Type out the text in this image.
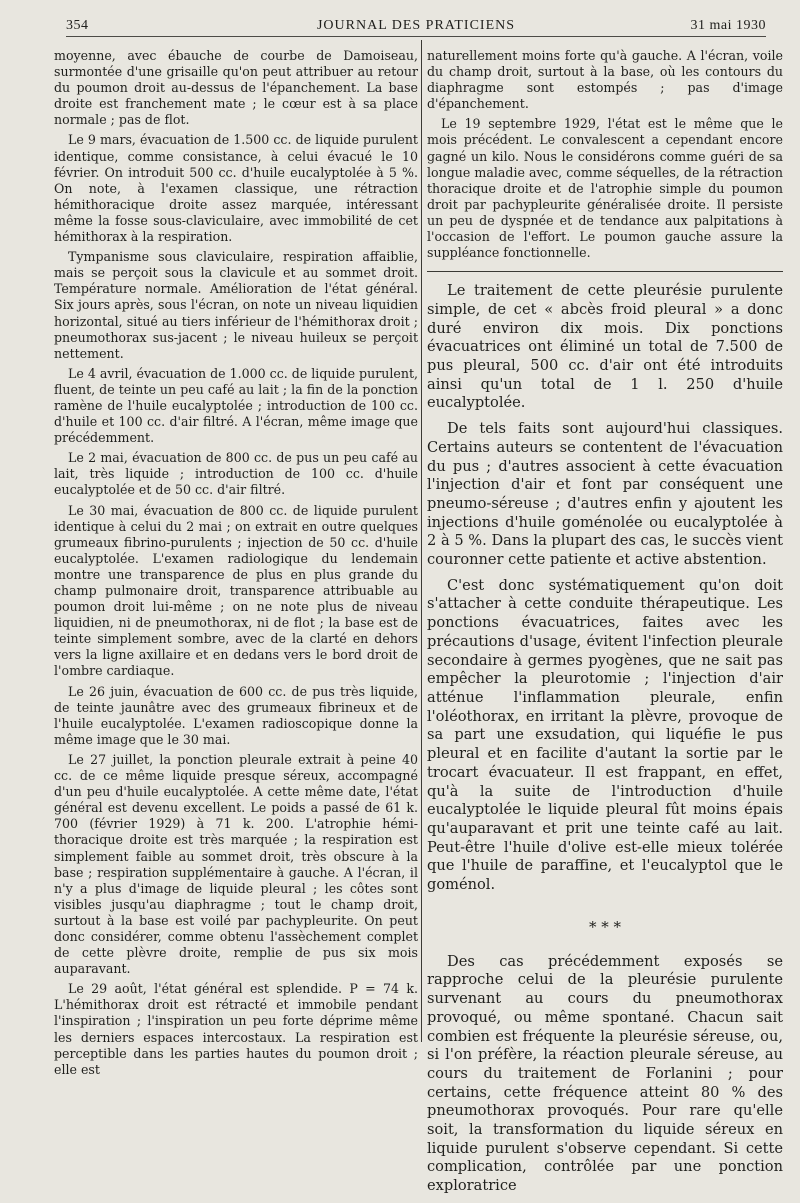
354	JOURNAL DES PRATICIENS	31 mai 1930

moyenne, avec ébauche de courbe de Damoiseau, surmontée d'une grisaille qu'on peut attribuer au retour du poumon droit au-dessus de l'épanchement. La base droite est franchement mate ; le cœur est à sa place normale ; pas de flot.

Le 9 mars, évacuation de 1.500 cc. de liquide purulent identique, comme consistance, à celui évacué le 10 février. On introduit 500 cc. d'huile eucalyptolée à 5 %. On note, à l'examen classique, une rétraction hémithoracique droite assez marquée, intéressant même la fosse sous-claviculaire, avec immobilité de cet hémithorax à la respiration.

Tympanisme sous claviculaire, respiration affaiblie, mais se perçoit sous la clavicule et au sommet droit. Température normale. Amélioration de l'état général. Six jours après, sous l'écran, on note un niveau liquidien horizontal, situé au tiers inférieur de l'hémithorax droit ; pneumothorax sus-jacent ; le niveau huileux se perçoit nettement.

Le 4 avril, évacuation de 1.000 cc. de liquide purulent, fluent, de teinte un peu café au lait ; la fin de la ponction ramène de l'huile eucalyptolée ; introduction de 100 cc. d'huile et 100 cc. d'air filtré. A l'écran, même image que précédemment.

Le 2 mai, évacuation de 800 cc. de pus un peu café au lait, très liquide ; introduction de 100 cc. d'huile eucalyptolée et de 50 cc. d'air filtré.

Le 30 mai, évacuation de 800 cc. de liquide purulent identique à celui du 2 mai ; on extrait en outre quelques grumeaux fibrino-purulents ; injection de 50 cc. d'huile eucalyptolée. L'examen radiologique du lendemain montre une transparence de plus en plus grande du champ pulmonaire droit, transparence attribuable au poumon droit lui-même ; on ne note plus de niveau liquidien, ni de pneumothorax, ni de flot ; la base est de teinte simplement sombre, avec de la clarté en dehors vers la ligne axillaire et en dedans vers le bord droit de l'ombre cardiaque.

Le 26 juin, évacuation de 600 cc. de pus très liquide, de teinte jaunâtre avec des grumeaux fibrineux et de l'huile eucalyptolée. L'examen radioscopique donne la même image que le 30 mai.

Le 27 juillet, la ponction pleurale extrait à peine 40 cc. de ce même liquide presque séreux, accompagné d'un peu d'huile eucalyptolée. A cette même date, l'état général est devenu excellent. Le poids a passé de 61 k. 700 (février 1929) à 71 k. 200. L'atrophie hémi-thoracique droite est très marquée ; la respiration est simplement faible au sommet droit, très obscure à la base ; respiration supplémentaire à gauche. A l'écran, il n'y a plus d'image de liquide pleural ; les côtes sont visibles jusqu'au diaphragme ; tout le champ droit, surtout à la base est voilé par pachypleurite. On peut donc considérer, comme obtenu l'assèchement complet de cette plèvre droite, remplie de pus six mois auparavant.

Le 29 août, l'état général est splendide. P = 74 k. L'hémithorax droit est rétracté et immobile pendant l'inspiration ; l'inspiration un peu forte déprime même les derniers espaces intercostaux. La respiration est perceptible dans les parties hautes du poumon droit ; elle est

naturellement moins forte qu'à gauche. A l'écran, voile du champ droit, surtout à la base, où les contours du diaphragme sont estompés ; pas d'image d'épanchement.

Le 19 septembre 1929, l'état est le même que le mois précédent. Le convalescent a cependant encore gagné un kilo. Nous le considérons comme guéri de sa longue maladie avec, comme séquelles, de la rétraction thoracique droite et de l'atrophie simple du poumon droit par pachypleurite généralisée droite. Il persiste un peu de dyspnée et de tendance aux palpitations à l'occasion de l'effort. Le poumon gauche assure la suppléance fonctionnelle.

Le traitement de cette pleurésie purulente simple, de cet « abcès froid pleural » a donc duré environ dix mois. Dix ponctions évacuatrices ont éliminé un total de 7.500 de pus pleural, 500 cc. d'air ont été introduits ainsi qu'un total de 1 l. 250 d'huile eucalyptolée.

De tels faits sont aujourd'hui classiques. Certains auteurs se contentent de l'évacuation du pus ; d'autres associent à cette évacuation l'injection d'air et font par conséquent une pneumo-séreuse ; d'autres enfin y ajoutent les injections d'huile goménolée ou eucalyptolée à 2 à 5 %. Dans la plupart des cas, le succès vient couronner cette patiente et active abstention.

C'est donc systématiquement qu'on doit s'attacher à cette conduite thérapeutique. Les ponctions évacuatrices, faites avec les précautions d'usage, évitent l'infection pleurale secondaire à germes pyogènes, que ne sait pas empêcher la pleurotomie ; l'injection d'air atténue l'inflammation pleurale, enfin l'oléothorax, en irritant la plèvre, provoque de sa part une exsudation, qui liquéfie le pus pleural et en facilite d'autant la sortie par le trocart évacuateur. Il est frappant, en effet, qu'à la suite de l'introduction d'huile eucalyptolée le liquide pleural fût moins épais qu'auparavant et prit une teinte café au lait. Peut-être l'huile d'olive est-elle mieux tolérée que l'huile de paraffine, et l'eucalyptol que le goménol.

* * *

Des cas précédemment exposés se rapproche celui de la pleurésie purulente survenant au cours du pneumothorax provoqué, ou même spontané. Chacun sait combien est fréquente la pleurésie séreuse, ou, si l'on préfère, la réaction pleurale séreuse, au cours du traitement de Forlanini ; pour certains, cette fréquence atteint 80 % des pneumothorax provoqués. Pour rare qu'elle soit, la transformation du liquide séreux en liquide purulent s'observe cependant. Si cette complication, contrôlée par une ponction exploratrice
